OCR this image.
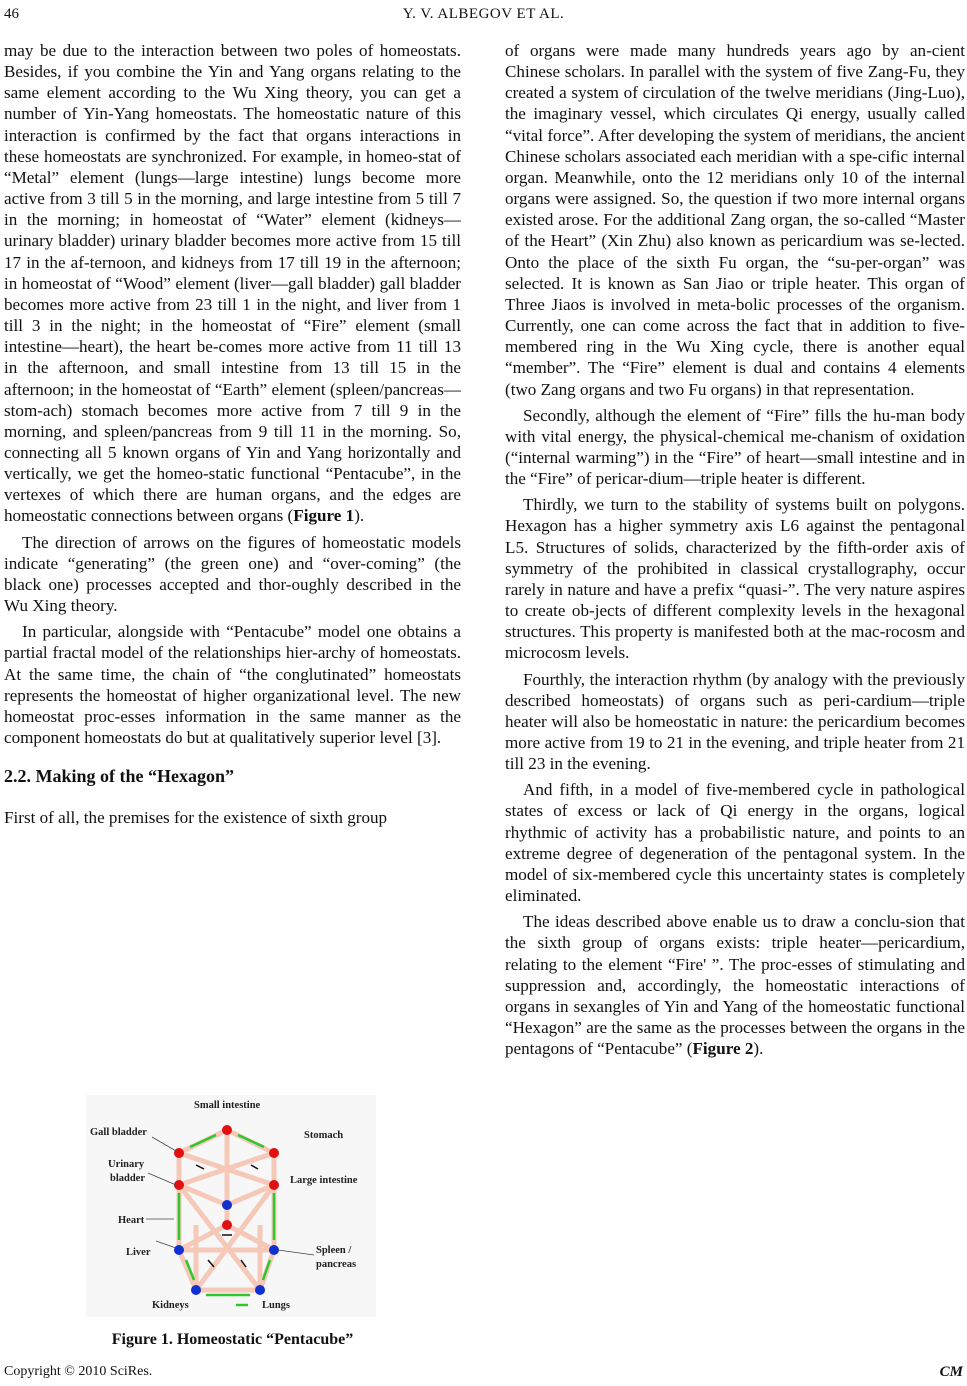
46	Y. V. ALBEGOV ET AL.

may be due to the interaction between two poles of homeostats. Besides, if you combine the Yin and Yang organs relating to the same element according to the Wu Xing theory, you can get a number of Yin-Yang homeostats. The homeostatic nature of this interaction is confirmed by the fact that organs interactions in these homeostats are synchronized. For example, in homeo-stat of “Metal” element (lungs—large intestine) lungs become more active from 3 till 5 in the morning, and large intestine from 5 till 7 in the morning; in homeostat of “Water” element (kidneys—urinary bladder) urinary bladder becomes more active from 15 till 17 in the af-ternoon, and kidneys from 17 till 19 in the afternoon; in homeostat of “Wood” element (liver—gall bladder) gall bladder becomes more active from 23 till 1 in the night, and liver from 1 till 3 in the night; in the homeostat of “Fire” element (small intestine—heart), the heart be-comes more active from 11 till 13 in the afternoon, and small intestine from 13 till 15 in the afternoon; in the homeostat of “Earth” element (spleen/pancreas—stom-ach) stomach becomes more active from 7 till 9 in the morning, and spleen/pancreas from 9 till 11 in the morning. So, connecting all 5 known organs of Yin and Yang horizontally and vertically, we get the homeo-static functional “Pentacube”, in the vertexes of which there are human organs, and the edges are homeostatic connections between organs (Figure 1).

The direction of arrows on the figures of homeostatic models indicate “generating” (the green one) and “over-coming” (the black one) processes accepted and thor-oughly described in the Wu Xing theory.

In particular, alongside with “Pentacube” model one obtains a partial fractal model of the relationships hier-archy of homeostats. At the same time, the chain of “the conglutinated” homeostats represents the homeostat of higher organizational level. The new homeostat proc-esses information in the same manner as the component homeostats do but at qualitatively superior level [3].

2.2. Making of the “Hexagon”

First of all, the premises for the existence of sixth group

Small intestine
Gall bladder	Stomach
Urinary
bladder	Large intestine
Heart
Spleen /
pancreas
Liver
Kidneys	Lungs
Figure 1. Homeostatic “Pentacube”

of organs were made many hundreds years ago by an-cient Chinese scholars. In parallel with the system of five Zang-Fu, they created a system of circulation of the twelve meridians (Jing-Luo), the imaginary vessel, which circulates Qi energy, usually called “vital force”. After developing the system of meridians, the ancient Chinese scholars associated each meridian with a spe-cific internal organ. Meanwhile, onto the 12 meridians only 10 of the internal organs were assigned. So, the question if two more internal organs existed arose. For the additional Zang organ, the so-called “Master of the Heart” (Xin Zhu) also known as pericardium was se-lected. Onto the place of the sixth Fu organ, the “su-per-organ” was selected. It is known as San Jiao or triple heater. This organ of Three Jiaos is involved in meta-bolic processes of the organism. Currently, one can come across the fact that in addition to five-membered ring in the Wu Xing cycle, there is another equal “member”. The “Fire” element is dual and contains 4 elements (two Zang organs and two Fu organs) in that representation.

Secondly, although the element of “Fire” fills the hu-man body with vital energy, the physical-chemical me-chanism of oxidation (“internal warming”) in the “Fire” of heart—small intestine and in the “Fire” of pericar-dium—triple heater is different.

Thirdly, we turn to the stability of systems built on polygons. Hexagon has a higher symmetry axis L6 against the pentagonal L5. Structures of solids, characterized by the fifth-order axis of symmetry of the prohibited in classical crystallography, occur rarely in nature and have a prefix “quasi-”. The very nature aspires to create ob-jects of different complexity levels in the hexagonal structures. This property is manifested both at the mac-rocosm and microcosm levels.

Fourthly, the interaction rhythm (by analogy with the previously described homeostats) of organs such as peri-cardium—triple heater will also be homeostatic in nature: the pericardium becomes more active from 19 to 21 in the evening, and triple heater from 21 till 23 in the evening.

And fifth, in a model of five-membered cycle in pathological states of excess or lack of Qi energy in the organs, logical rhythmic of activity has a probabilistic nature, and points to an extreme degree of degeneration of the pentagonal system. In the model of six-membered cycle this uncertainty states is completely eliminated.

The ideas described above enable us to draw a conclu-sion that the sixth group of organs exists: triple heater—pericardium, relating to the element “Fire' ”. The proc-esses of stimulating and suppression and, accordingly, the homeostatic interactions of organs in sexangles of Yin and Yang of the homeostatic functional “Hexagon” are the same as the processes between the organs in the pentagons of “Pentacube” (Figure 2).

Copyright © 2010 SciRes.	CM
